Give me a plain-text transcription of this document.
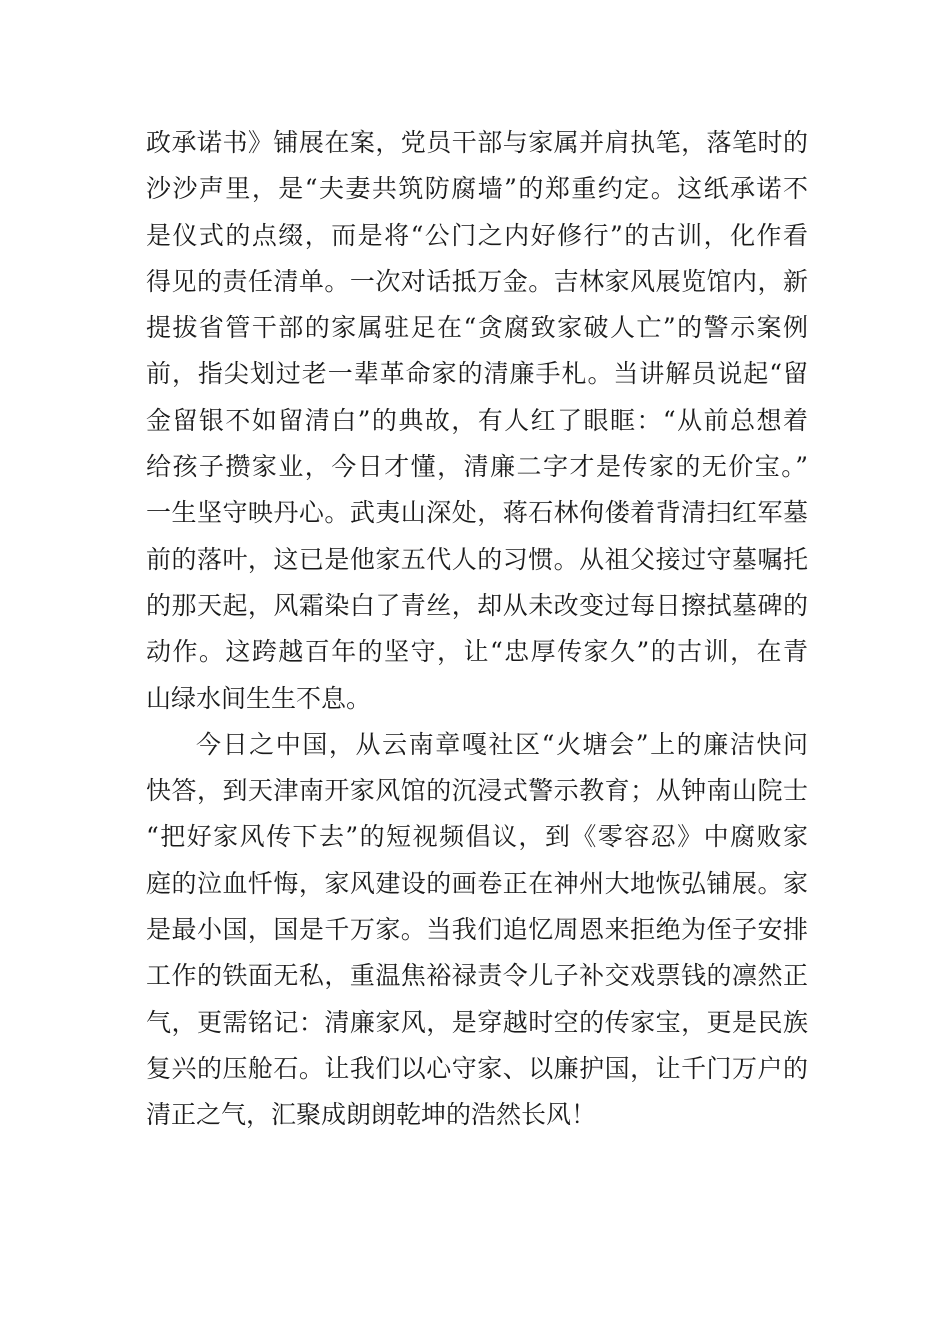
政承诺书》铺展在案，党员干部与家属并肩执笔，落笔时的
沙沙声里，是“夫妻共筑防腐墙”的郑重约定。这纸承诺不
是仪式的点缀，而是将“公门之内好修行”的古训，化作看
得见的责任清单。一次对话抵万金。吉林家风展览馆内，新
提拔省管干部的家属驻足在“贪腐致家破人亡”的警示案例
前，指尖划过老一辈革命家的清廉手札。当讲解员说起“留
金留银不如留清白”的典故，有人红了眼眶：“从前总想着
给孩子攒家业，今日才懂，清廉二字才是传家的无价宝。”
一生坚守映丹心。武夷山深处，蒋石林佝偻着背清扫红军墓
前的落叶，这已是他家五代人的习惯。从祖父接过守墓嘱托
的那天起，风霜染白了青丝，却从未改变过每日擦拭墓碑的
动作。这跨越百年的坚守，让“忠厚传家久”的古训，在青
山绿水间生生不息。
今日之中国，从云南章嘎社区“火塘会”上的廉洁快问
快答，到天津南开家风馆的沉浸式警示教育；从钟南山院士
“把好家风传下去”的短视频倡议，到《零容忍》中腐败家
庭的泣血忏悔，家风建设的画卷正在神州大地恢弘铺展。家
是最小国，国是千万家。当我们追忆周恩来拒绝为侄子安排
工作的铁面无私，重温焦裕禄责令儿子补交戏票钱的凛然正
气，更需铭记：清廉家风，是穿越时空的传家宝，更是民族
复兴的压舱石。让我们以心守家、以廉护国，让千门万户的
清正之气，汇聚成朗朗乾坤的浩然长风！
